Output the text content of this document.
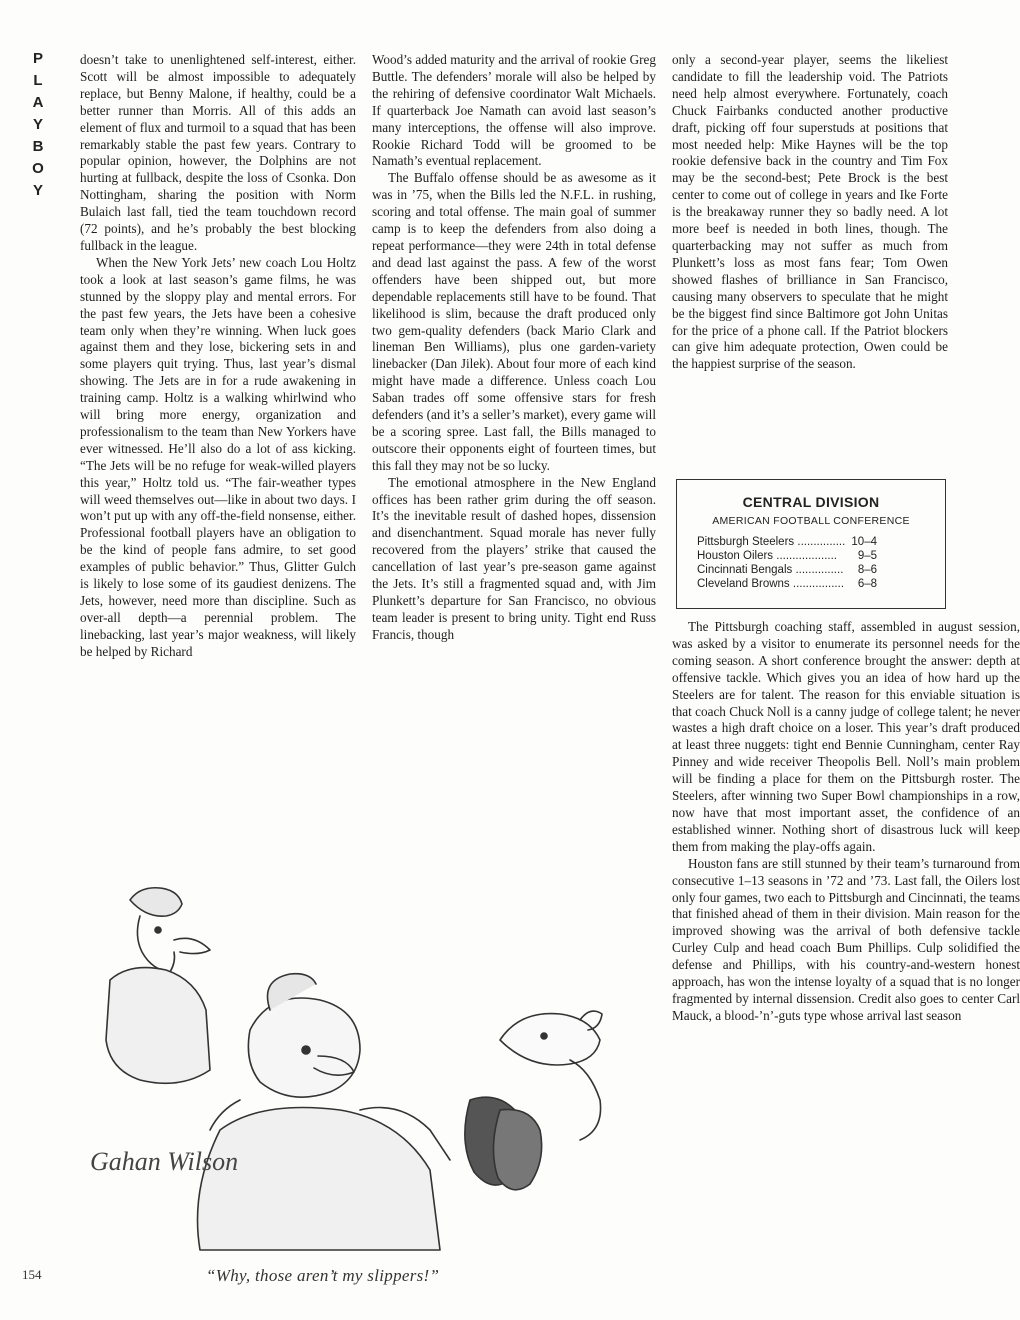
P
L
A
Y
B
O
Y

doesn’t take to unenlightened self-interest, either. Scott will be almost impossible to adequately replace, but Benny Malone, if healthy, could be a better runner than Morris. All of this adds an element of flux and turmoil to a squad that has been remarkably stable the past few years. Contrary to popular opinion, however, the Dolphins are not hurting at fullback, despite the loss of Csonka. Don Nottingham, sharing the position with Norm Bulaich last fall, tied the team touchdown record (72 points), and he’s probably the best blocking fullback in the league.

When the New York Jets’ new coach Lou Holtz took a look at last season’s game films, he was stunned by the sloppy play and mental errors. For the past few years, the Jets have been a cohesive team only when they’re winning. When luck goes against them and they lose, bickering sets in and some players quit trying. Thus, last year’s dismal showing. The Jets are in for a rude awakening in training camp. Holtz is a walking whirlwind who will bring more energy, organization and professionalism to the team than New Yorkers have ever witnessed. He’ll also do a lot of ass kicking. “The Jets will be no refuge for weak-willed players this year,” Holtz told us. “The fair-weather types will weed themselves out—like in about two days. I won’t put up with any off-the-field nonsense, either. Professional football players have an obligation to be the kind of people fans admire, to set good examples of public behavior.” Thus, Glitter Gulch is likely to lose some of its gaudiest denizens. The Jets, however, need more than discipline. Such as over-all depth—a perennial problem. The linebacking, last year’s major weakness, will likely be helped by Richard

Wood’s added maturity and the arrival of rookie Greg Buttle. The defenders’ morale will also be helped by the rehiring of defensive coordinator Walt Michaels. If quarterback Joe Namath can avoid last season’s many interceptions, the offense will also improve. Rookie Richard Todd will be groomed to be Namath’s eventual replacement.

The Buffalo offense should be as awesome as it was in ’75, when the Bills led the N.F.L. in rushing, scoring and total offense. The main goal of summer camp is to keep the defenders from also doing a repeat performance—they were 24th in total defense and dead last against the pass. A few of the worst offenders have been shipped out, but more dependable replacements still have to be found. That likelihood is slim, because the draft produced only two gem-quality defenders (back Mario Clark and lineman Ben Williams), plus one garden-variety linebacker (Dan Jilek). About four more of each kind might have made a difference. Unless coach Lou Saban trades off some offensive stars for fresh defenders (and it’s a seller’s market), every game will be a scoring spree. Last fall, the Bills managed to outscore their opponents eight of fourteen times, but this fall they may not be so lucky.

The emotional atmosphere in the New England offices has been rather grim during the off season. It’s the inevitable result of dashed hopes, dissension and disenchantment. Squad morale has never fully recovered from the players’ strike that caused the cancellation of last year’s pre-season game against the Jets. It’s still a fragmented squad and, with Jim Plunkett’s departure for San Francisco, no obvious team leader is present to bring unity. Tight end Russ Francis, though

only a second-year player, seems the likeliest candidate to fill the leadership void. The Patriots need help almost everywhere. Fortunately, coach Chuck Fairbanks conducted another productive draft, picking off four superstuds at positions that most needed help: Mike Haynes will be the top rookie defensive back in the country and Tim Fox may be the second-best; Pete Brock is the best center to come out of college in years and Ike Forte is the breakaway runner they so badly need. A lot more beef is needed in both lines, though. The quarterbacking may not suffer as much from Plunkett’s loss as most fans fear; Tom Owen showed flashes of brilliance in San Francisco, causing many observers to speculate that he might be the biggest find since Baltimore got John Unitas for the price of a phone call. If the Patriot blockers can give him adequate protection, Owen could be the happiest surprise of the season.

CENTRAL DIVISION
AMERICAN FOOTBALL CONFERENCE
Pittsburgh Steelers ...............	10–4
Houston Oilers ...................	9–5
Cincinnati Bengals ...............	8–6
Cleveland Browns ................	6–8

The Pittsburgh coaching staff, assembled in august session, was asked by a visitor to enumerate its personnel needs for the coming season. A short conference brought the answer: depth at offensive tackle. Which gives you an idea of how hard up the Steelers are for talent. The reason for this enviable situation is that coach Chuck Noll is a canny judge of college talent; he never wastes a high draft choice on a loser. This year’s draft produced at least three nuggets: tight end Bennie Cunningham, center Ray Pinney and wide receiver Theopolis Bell. Noll’s main problem will be finding a place for them on the Pittsburgh roster. The Steelers, after winning two Super Bowl championships in a row, now have that most important asset, the confidence of an established winner. Nothing short of disastrous luck will keep them from making the play-offs again.

Houston fans are still stunned by their team’s turnaround from consecutive 1–13 seasons in ’72 and ’73. Last fall, the Oilers lost only four games, two each to Pittsburgh and Cincinnati, the teams that finished ahead of them in their division. Main reason for the improved showing was the arrival of both defensive tackle Curley Culp and head coach Bum Phillips. Culp solidified the defense and Phillips, with his country-and-western honest approach, has won the intense loyalty of a squad that is no longer fragmented by internal dissension. Credit also goes to center Carl Mauck, a blood-’n’-guts type whose arrival last season

Gahan Wilson
“Why, those aren’t my slippers!”
154
